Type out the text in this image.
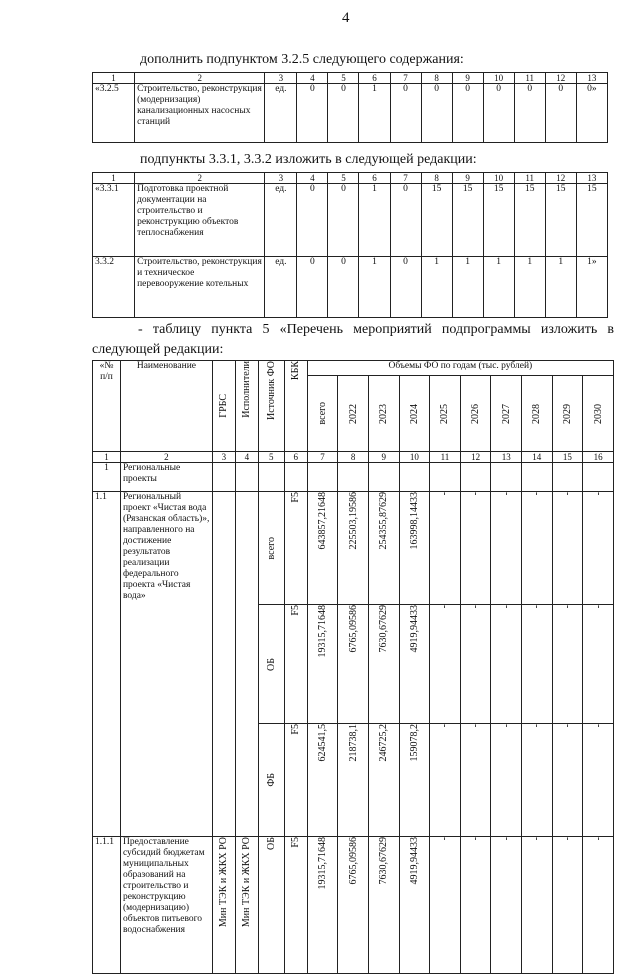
4
дополнить подпунктом 3.2.5 следующего содержания:
1	2	3	4	5	6	7	8	9	10	11	12	13
«3.2.5	Строительство, реконструкция (модернизация) канализационных насосных станций	ед.	0	0	1	0	0	0	0	0	0	0»
подпункты 3.3.1, 3.3.2 изложить в следующей редакции:
1	2	3	4	5	6	7	8	9	10	11	12	13
«3.3.1	Подготовка проектной документации на строительство и реконструкцию объектов теплоснабжения	ед.	0	0	1	0	15	15	15	15	15	15
3.3.2	Строительство, реконструкция и техническое перевооружение котельных	ед.	0	0	1	0	1	1	1	1	1	1»
- таблицу пункта 5 «Перечень мероприятий подпрограммы изложить в следующей редакции:
«№ п/п	Наименование	ГРБС	Исполнители	Источник ФО	КБК	Объемы ФО по годам (тыс. рублей)									

						всего	2022	2023	2024	2025	2026	2027	2028	2029	2030

1	2	3	4	5	6	7	8	9	10	11	12	13	14	15	16
1	Региональные проекты														
1.1	Региональный проект «Чистая вода (Рязанская область)», направленного на достижение результатов реализации федерального проекта «Чистая вода»			всего	F5	643857,21648	225503,19586	254355,87629	163998,14433	-	-	-	-	-	-

				ОБ	F5	19315,71648	6765,09586	7630,67629	4919,94433	-	-	-	-	-	-

				ФБ	F5	624541,5	218738,1	246725,2	159078,2	-	-	-	-	-	-

1.1.1	Предоставление субсидий бюджетам муниципальных образований на строительство и реконструкцию (модернизацию) объектов питьевого водоснабжения	Мин ТЭК и ЖКХ РО	Мин ТЭК и ЖКХ РО	ОБ	F5	19315,71648	6765,09586	7630,67629	4919,94433	-	-	-	-	-	-
